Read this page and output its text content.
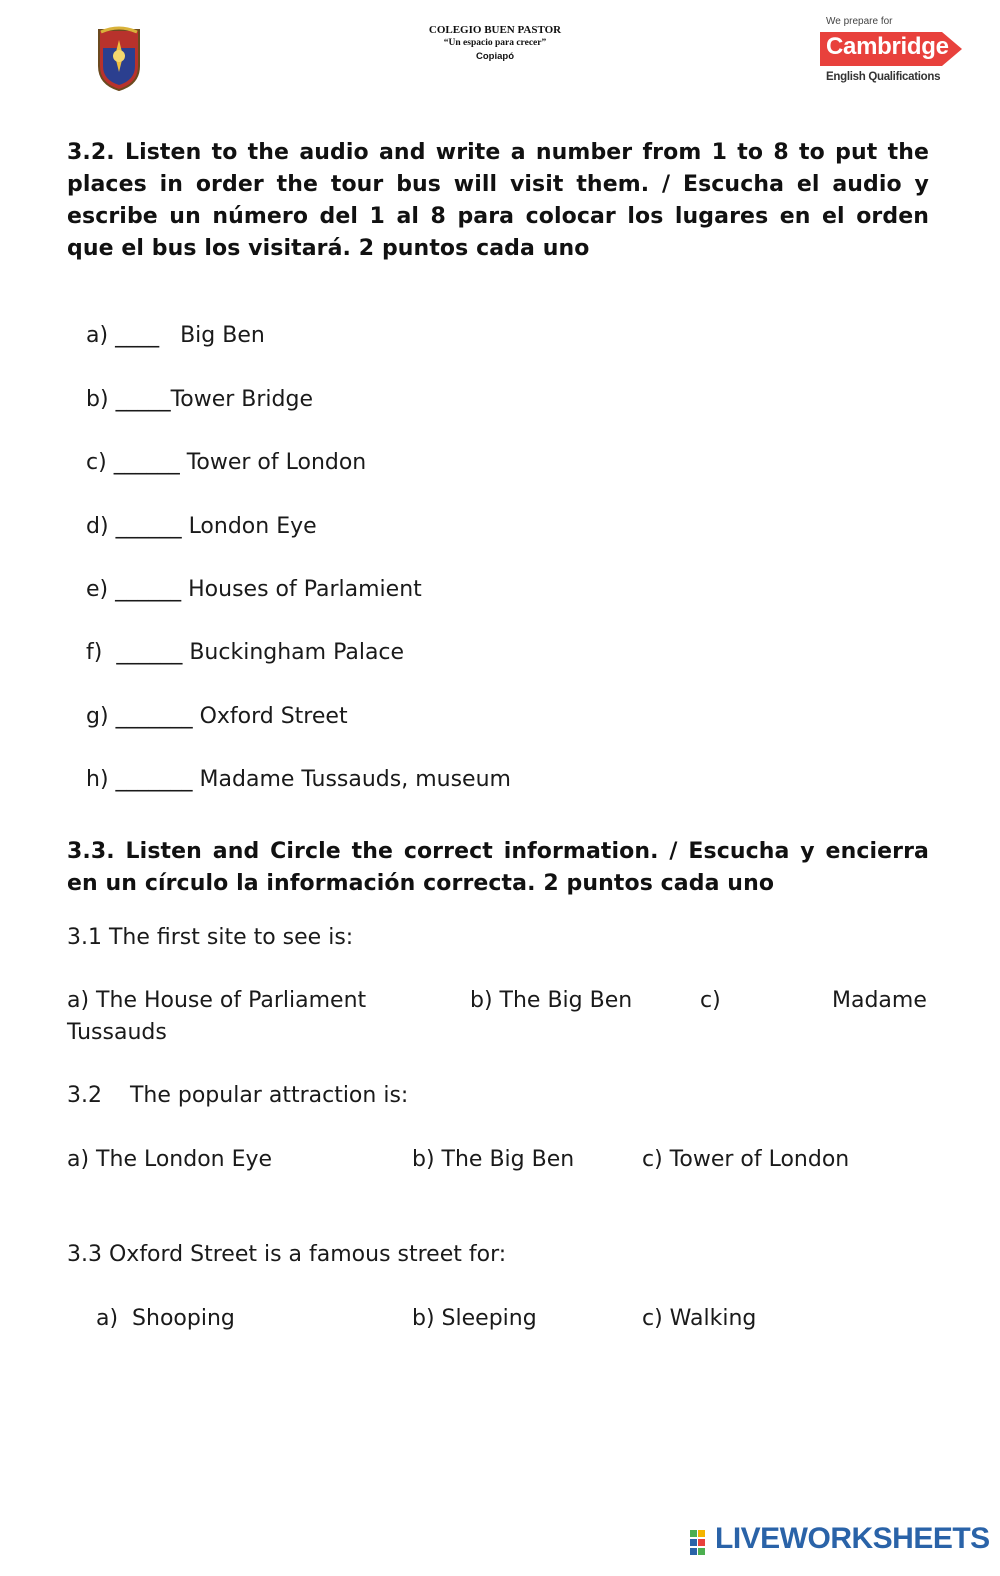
COLEGIO BUEN PASTOR
“Un espacio para crecer”
Copiapó
We prepare for
Cambridge
English Qualifications
3.2. Listen to the audio and write a number from 1 to 8 to put the places in order the tour bus will visit them. / Escucha el audio y escribe un número del 1 al 8 para colocar los lugares en el orden que el bus los visitará. 2 puntos cada uno

a) ____ Big Ben

b) _____Tower Bridge

c) ______ Tower of London

d) ______ London Eye

e) ______ Houses of Parlamient

f) ______ Buckingham Palace

g) _______ Oxford Street

h) _______ Madame Tussauds, museum

3.3. Listen and Circle the correct information. / Escucha y encierra en un círculo la información correcta. 2 puntos cada uno
3.1 The first site to see is:
a) The House of Parliament	b) The Big Ben	c)	Madame
Tussauds
3.2    The popular attraction is:
a) The London Eye	b) The Big Ben	c) Tower of London
3.3 Oxford Street is a famous street for:
a)  Shooping	b) Sleeping	c) Walking
LIVEWORKSHEETS
